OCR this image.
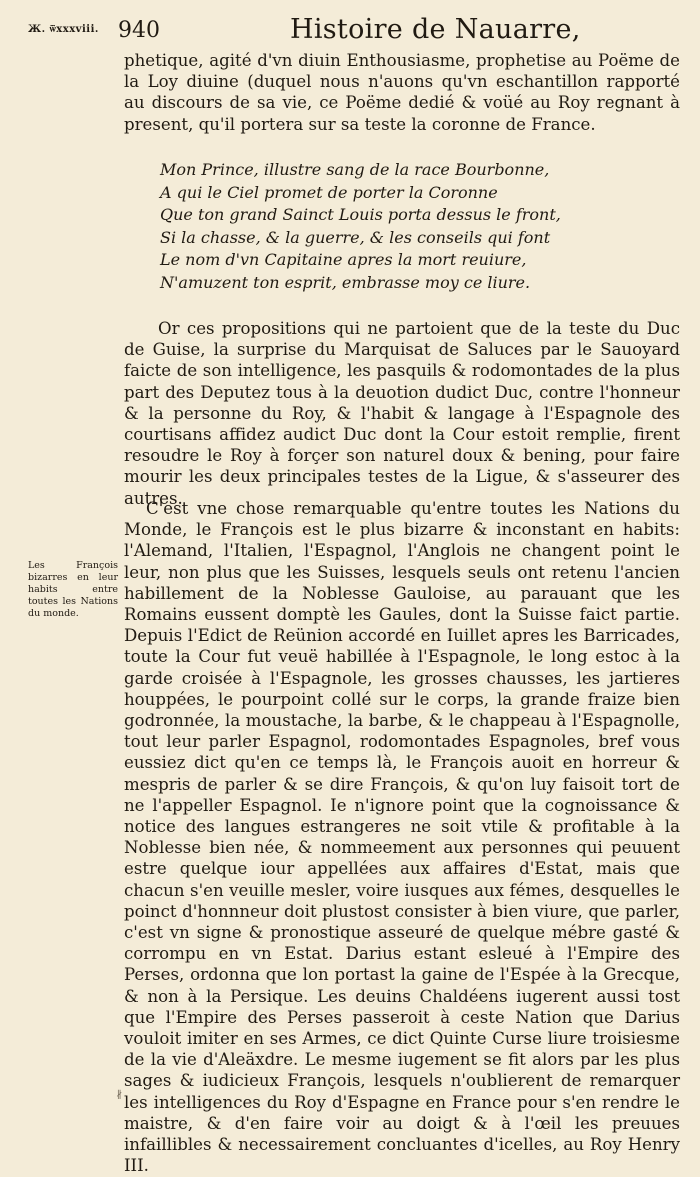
Ж. ѿхxxviii. 940	Histoire de Nauarre,

phetique, agité d'vn diuin Enthousiasme, prophetise au Poëme de la Loy diuine (duquel nous n'auons qu'vn eschantillon rapporté au discours de sa vie, ce Poëme dedié & voüé au Roy regnant à present, qu'il portera sur sa teste la coronne de France.

Mon Prince, illustre sang de la race Bourbonne,
A qui le Ciel promet de porter la Coronne
Que ton grand Sainct Louis porta dessus le front,
Si la chasse, & la guerre, & les conseils qui font
Le nom d'vn Capitaine apres la mort reuiure,
N'amuzent ton esprit, embrasse moy ce liure.

Or ces propositions qui ne partoient que de la teste du Duc de Guise, la surprise du Marquisat de Saluces par le Sauoyard faicte de son intelligence, les pasquils & rodomontades de la plus part des Deputez tous à la deuotion dudict Duc, contre l'honneur & la personne du Roy, & l'habit & langage à l'Espagnole des courtisans affidez audict Duc dont la Cour estoit remplie, firent resoudre le Roy à forçer son naturel doux & bening, pour faire mourir les deux principales testes de la Ligue, & s'asseurer des autres.

C'est vne chose remarquable qu'entre toutes les Nations du Monde, le François est le plus bizarre & inconstant en habits: l'Alemand, l'Italien, l'Espagnol, l'Anglois ne changent point le leur, non plus que les Suisses, lesquels seuls ont retenu l'ancien habillement de la Noblesse Gauloise, au parauant que les Romains eussent domptè les Gaules, dont la Suisse faict partie. Depuis l'Edict de Reünion accordé en Iuillet apres les Barricades, toute la Cour fut veuë habillée à l'Espagnole, le long estoc à la garde croisée à l'Espagnole, les grosses chausses, les jartieres houppées, le pourpoint collé sur le corps, la grande fraize bien godronnée, la moustache, la barbe, & le chappeau à l'Espagnolle, tout leur parler Espagnol, rodomontades Espagnoles, bref vous eussiez dict qu'en ce temps là, le François auoit en horreur & mespris de parler & se dire François, & qu'on luy faisoit tort de ne l'appeller Espagnol. Ie n'ignore point que la cognoissance & notice des langues estrangeres ne soit vtile & profitable à la Noblesse bien née, & nommeement aux personnes qui peuuent estre quelque iour appellées aux affaires d'Estat, mais que chacun s'en veuille mesler, voire iusques aux fémes, desquelles le poinct d'honnneur doit plustost consister à bien viure, que parler, c'est vn signe & pronostique asseuré de quelque mébre gasté & corrompu en vn Estat. Darius estant esleué à l'Empire des Perses, ordonna que lon portast la gaine de l'Espée à la Grecque, & non à la Persique. Les deuins Chaldéens iugerent aussi tost que l'Empire des Perses passeroit à ceste Nation que Darius vouloit imiter en ses Armes, ce dict Quinte Curse liure troisiesme de la vie d'Aleäxdre. Le mesme iugement se fit alors par les plus sages & iudicieux François, lesquels n'oublierent de remarquer les intelligences du Roy d'Espagne en France pour s'en rendre le maistre, & d'en faire voir au doigt & à l'œil les preuues infaillibles & necessairement concluantes d'icelles, au Roy Henry III.

Les François bizarres en leur habits entre toutes les Nations du monde.

∦
